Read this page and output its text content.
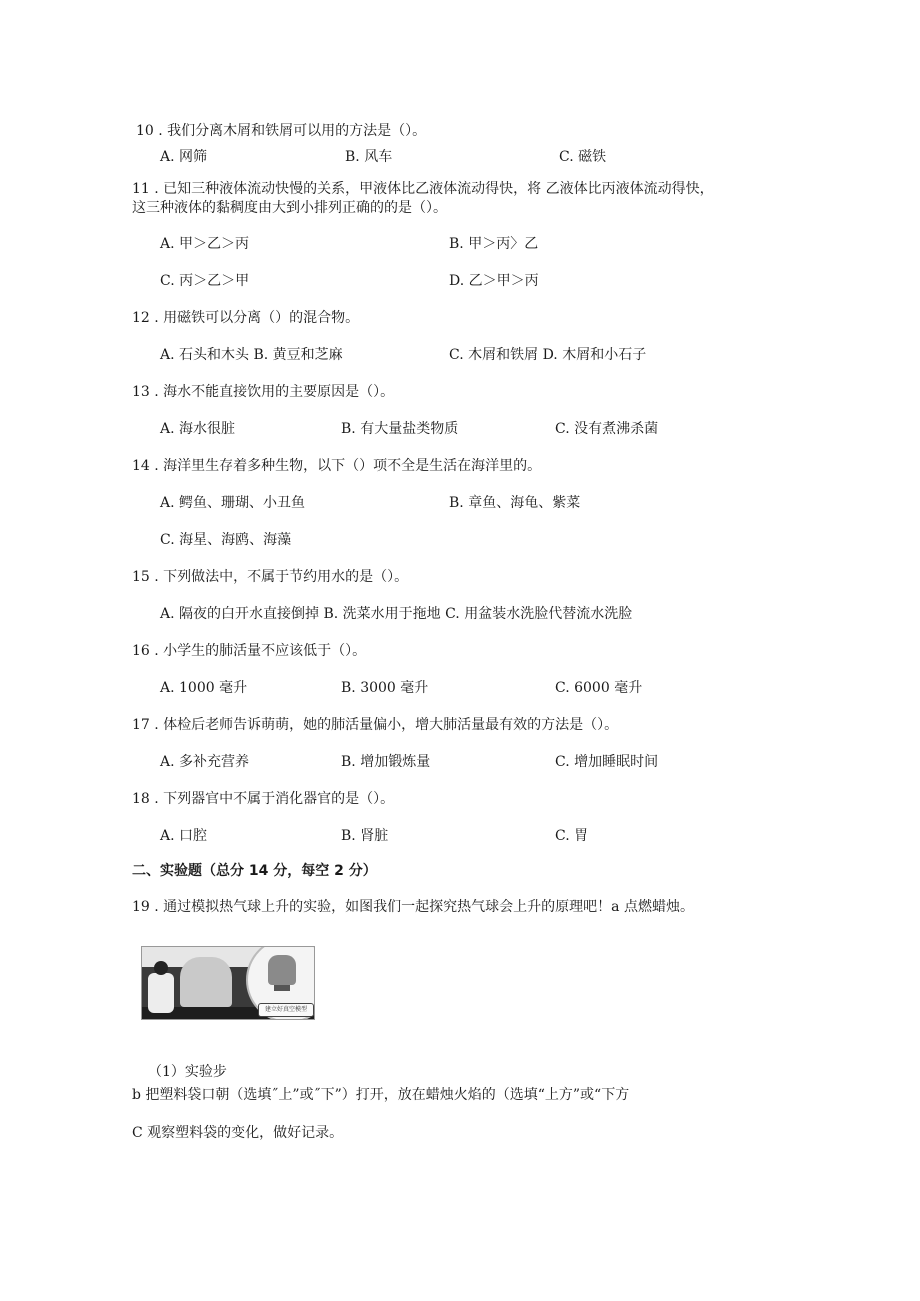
10 . 我们分离木屑和铁屑可以用的方法是（）。
A. 网筛	B. 风车	C. 磁铁
11 . 已知三种液体流动快慢的关系，甲液体比乙液体流动得快，将 乙液体比丙液体流动得快，
这三种液体的黏稠度由大到小排列正确的的是（）。
A. 甲＞乙＞丙	B. 甲＞丙〉乙
C. 丙＞乙＞甲	D. 乙＞甲＞丙
12 . 用磁铁可以分离（）的混合物。
A. 石头和木头 B. 黄豆和芝麻	C. 木屑和铁屑 D. 木屑和小石子
13 . 海水不能直接饮用的主要原因是（）。
A. 海水很脏	B. 有大量盐类物质	C. 没有煮沸杀菌
14 . 海洋里生存着多种生物，以下（）项不全是生活在海洋里的。
A. 鳄鱼、珊瑚、小丑鱼	B. 章鱼、海龟、紫菜
C. 海星、海鸥、海藻
15 . 下列做法中，不属于节约用水的是（）。
A. 隔夜的白开水直接倒掉 B. 洗菜水用于拖地 C. 用盆装水洗脸代替流水洗脸
16 . 小学生的肺活量不应该低于（）。
A. 1000 毫升	B. 3000 毫升	C. 6000 毫升
17 . 体检后老师告诉萌萌，她的肺活量偏小，增大肺活量最有效的方法是（）。
A. 多补充营养	B. 增加锻炼量	C. 增加睡眠时间
18 . 下列器官中不属于消化器官的是（）。
A. 口腔	B. 肾脏	C. 胃
二、实验题（总分 14 分，每空 2 分）
19 . 通过模拟热气球上升的实验，如图我们一起探究热气球会上升的原理吧！a 点燃蜡烛。
建立好真空模型
（1）实验步
b 把塑料袋口朝（选填˝上”或˝下”）打开，放在蜡烛火焰的（选填“上方”或“下方
C 观察塑料袋的变化，做好记录。
